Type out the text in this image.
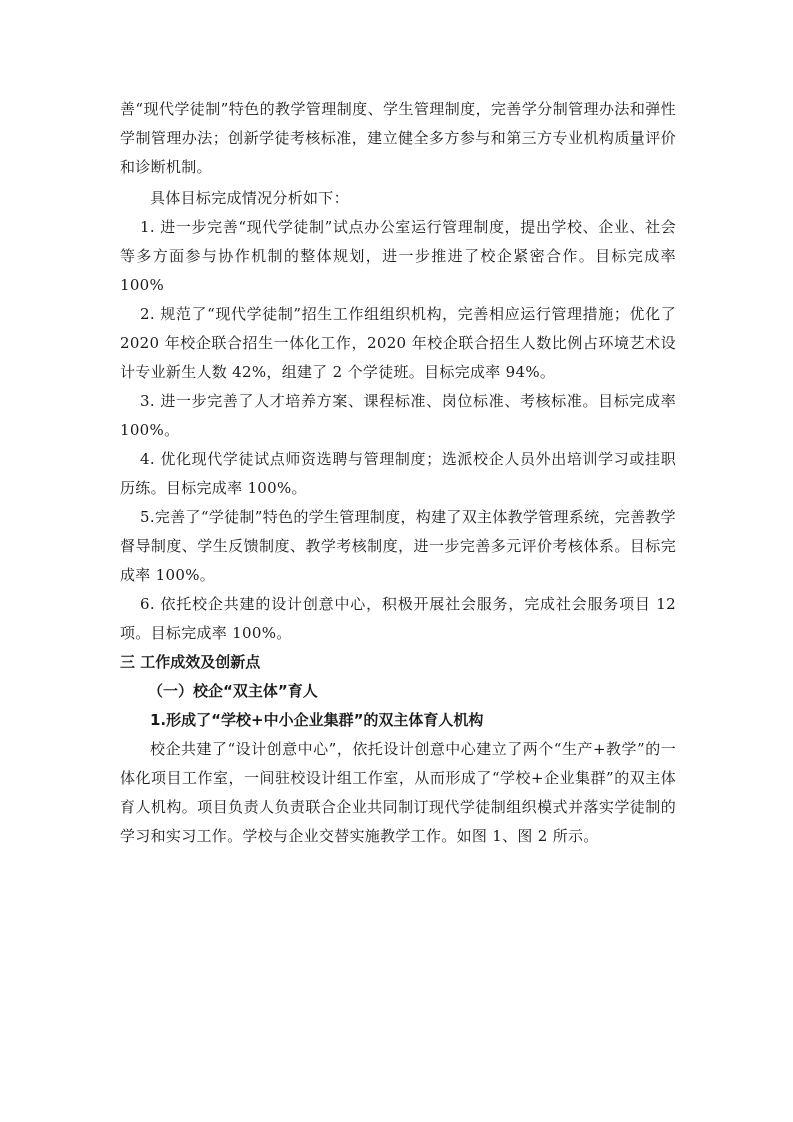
善“现代学徒制”特色的教学管理制度、学生管理制度，完善学分制管理办法和弹性学制管理办法；创新学徒考核标准，建立健全多方参与和第三方专业机构质量评价和诊断机制。

具体目标完成情况分析如下：

1. 进一步完善“现代学徒制”试点办公室运行管理制度，提出学校、企业、社会等多方面参与协作机制的整体规划，进一步推进了校企紧密合作。目标完成率 100%

2. 规范了“现代学徒制”招生工作组组织机构，完善相应运行管理措施；优化了 2020 年校企联合招生一体化工作，2020 年校企联合招生人数比例占环境艺术设计专业新生人数 42%，组建了 2 个学徒班。目标完成率 94%。

3. 进一步完善了人才培养方案、课程标准、岗位标准、考核标准。目标完成率 100%。

4. 优化现代学徒试点师资选聘与管理制度；选派校企人员外出培训学习或挂职历练。目标完成率 100%。

5.完善了“学徒制”特色的学生管理制度，构建了双主体教学管理系统，完善教学督导制度、学生反馈制度、教学考核制度，进一步完善多元评价考核体系。目标完成率 100%。

6. 依托校企共建的设计创意中心，积极开展社会服务，完成社会服务项目 12 项。目标完成率 100%。

三 工作成效及创新点
（一）校企“双主体”育人
1.形成了“学校+中小企业集群”的双主体育人机构

校企共建了“设计创意中心”，依托设计创意中心建立了两个“生产+教学”的一体化项目工作室，一间驻校设计组工作室，从而形成了“学校+企业集群”的双主体育人机构。项目负责人负责联合企业共同制订现代学徒制组织模式并落实学徒制的学习和实习工作。学校与企业交替实施教学工作。如图 1、图 2 所示。
